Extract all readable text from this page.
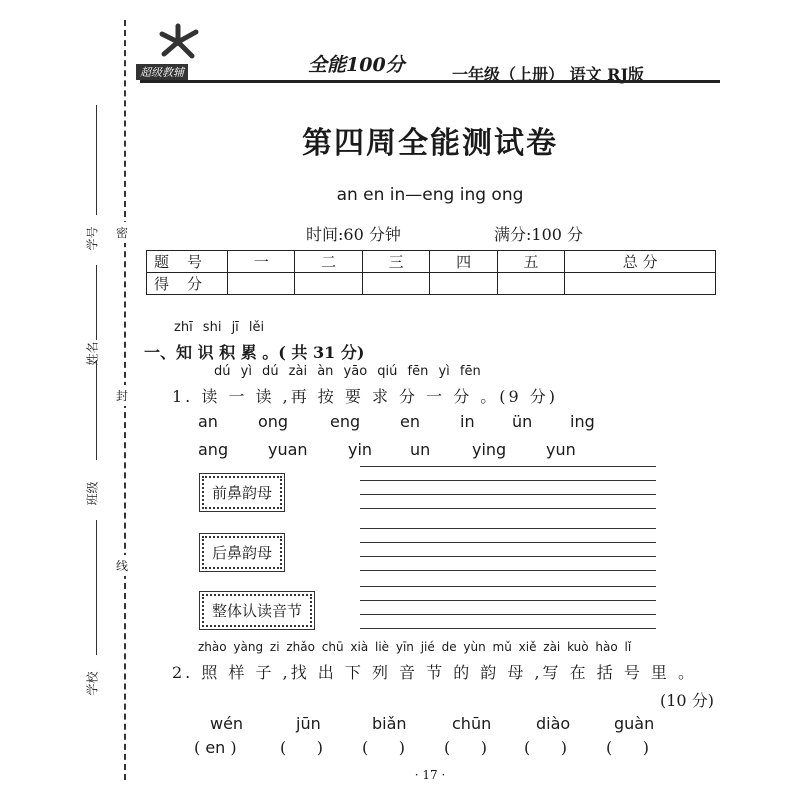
密
封
线
学号
姓名
班级
学校
超级教辅	全能100分	一年级（上册） 语文 RJ版
第四周全能测试卷
an en in—eng ing ong
时间:60 分钟	满分:100 分
题号	一	二	三	四	五	总 分
得分						
zhī shi jī lěi
一、知 识 积 累 。( 共 31 分)
dú yì dú zài àn yāo qiú fēn yì fēn
1. 读 一 读 ,再 按 要 求 分 一 分 。(9 分)
an	ong	eng en	in ün ing
ang yuan	yin un	ying yun
前鼻韵母
后鼻韵母
整体认读音节
zhào yàng zi zhǎo chū xià liè yīn jié de yùn mǔ xiě zài kuò hào lǐ
2. 照 样 子 ,找 出 下 列 音 节 的 韵 母 ,写 在 括 号 里 。
(10 分)
wén	jūn	biǎn	chūn	diào	guàn
( en )	(      ) (      ) (      ) (      ) (      )
· 17 ·
